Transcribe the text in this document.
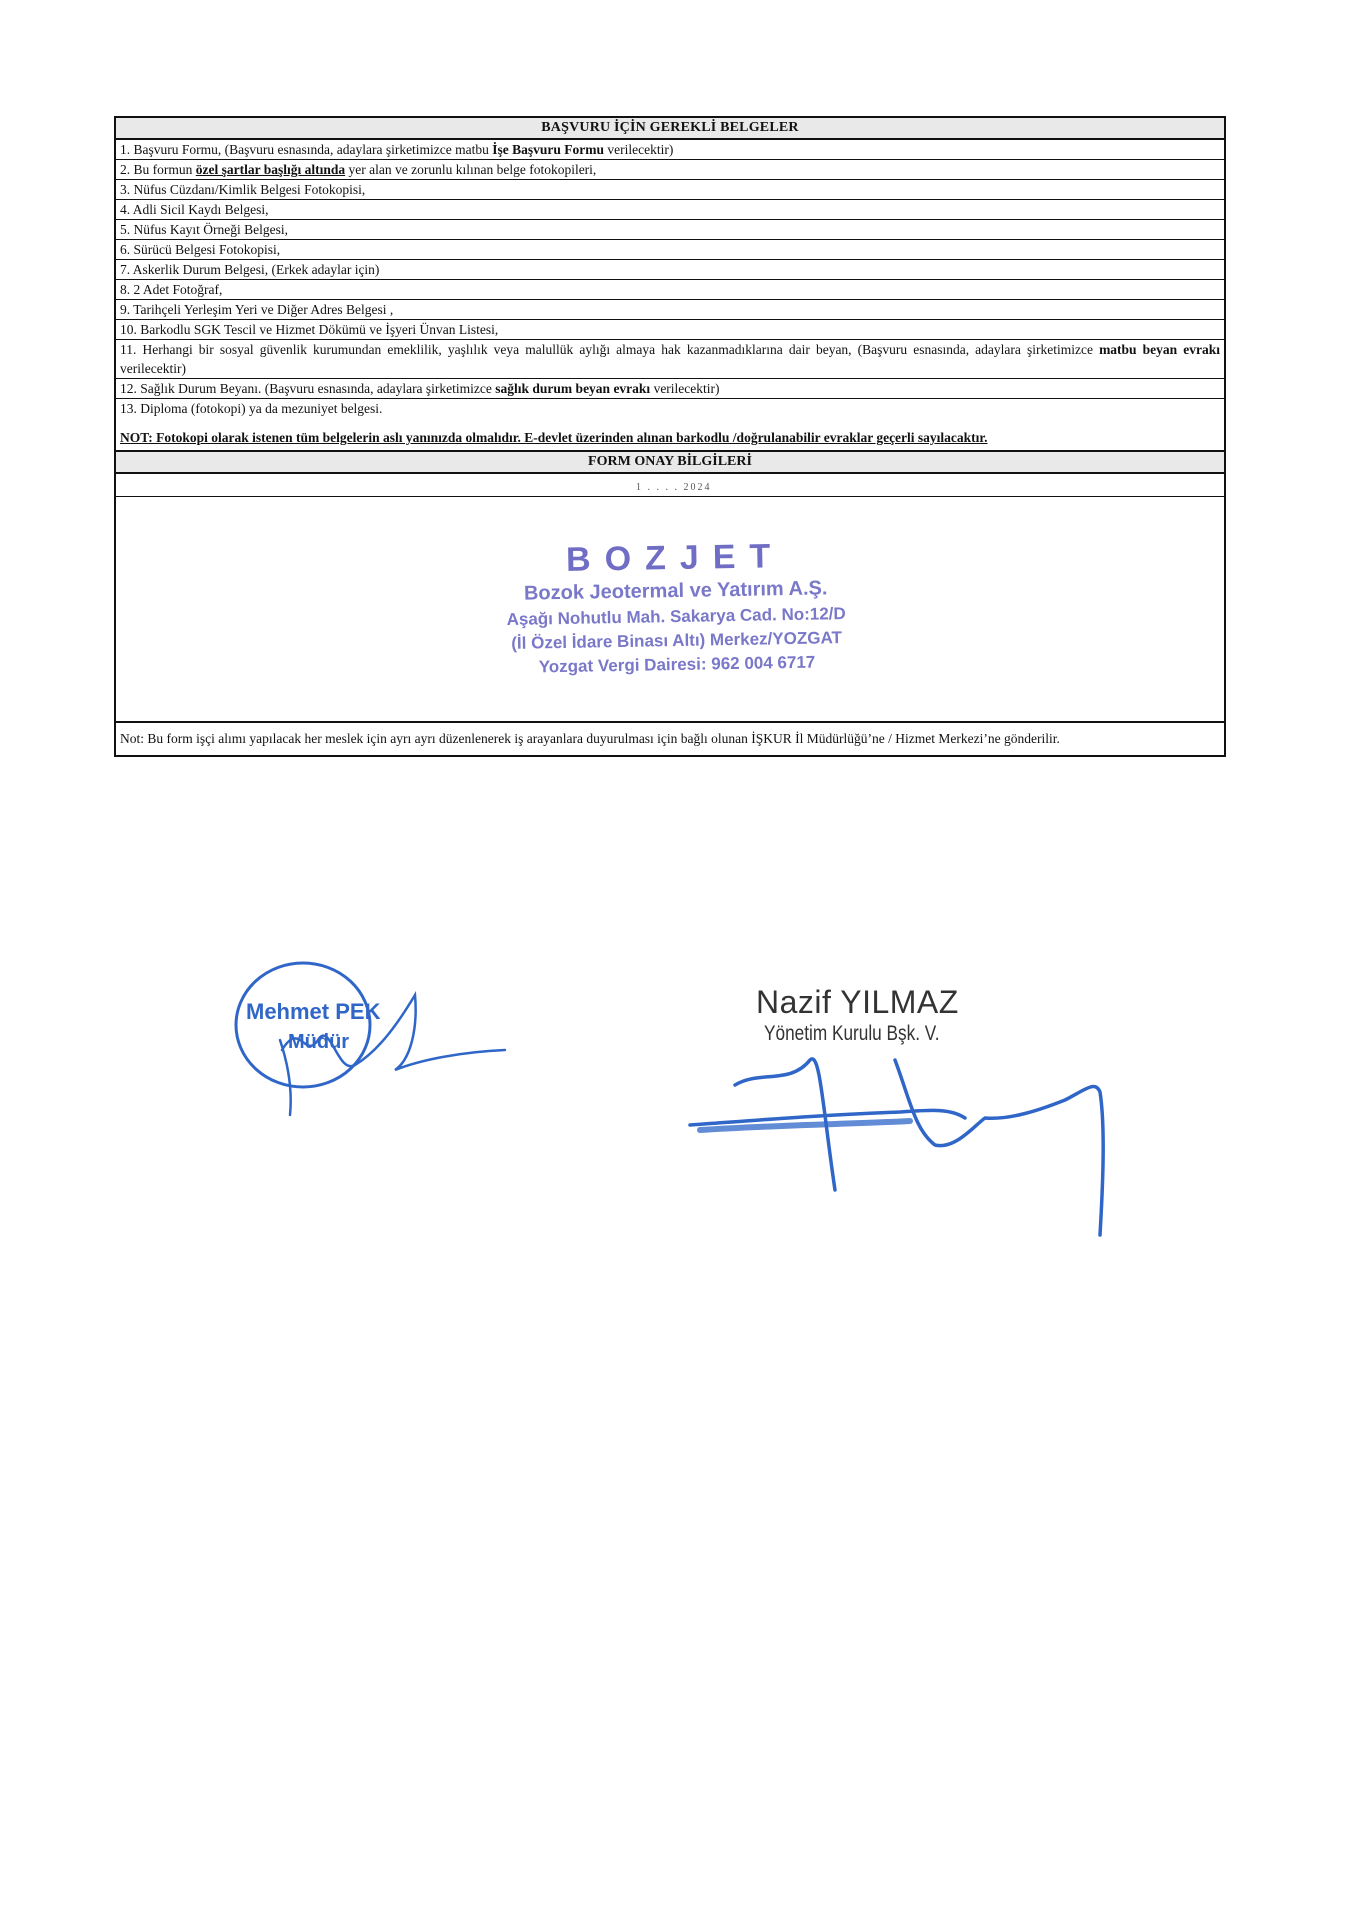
BAŞVURU İÇİN GEREKLİ BELGELER
1. Başvuru Formu, (Başvuru esnasında, adaylara şirketimizce matbu İşe Başvuru Formu verilecektir)
2. Bu formun özel şartlar başlığı altında yer alan ve zorunlu kılınan belge fotokopileri,
3. Nüfus Cüzdanı/Kimlik Belgesi Fotokopisi,
4. Adli Sicil Kaydı Belgesi,
5. Nüfus Kayıt Örneği Belgesi,
6. Sürücü Belgesi Fotokopisi,
7. Askerlik Durum Belgesi, (Erkek adaylar için)
8. 2 Adet Fotoğraf,
9. Tarihçeli Yerleşim Yeri ve Diğer Adres Belgesi ,
10. Barkodlu SGK Tescil ve Hizmet Dökümü ve İşyeri Ünvan Listesi,
11. Herhangi bir sosyal güvenlik kurumundan emeklilik, yaşlılık veya malullük aylığı almaya hak kazanmadıklarına dair beyan, (Başvuru esnasında, adaylara şirketimizce matbu beyan evrakı verilecektir)
12. Sağlık Durum Beyanı. (Başvuru esnasında, adaylara şirketimizce sağlık durum beyan evrakı verilecektir)
13. Diploma (fotokopi) ya da mezuniyet belgesi.
NOT: Fotokopi olarak istenen tüm belgelerin aslı yanınızda olmalıdır. E-devlet üzerinden alınan barkodlu /doğrulanabilir evraklar geçerli sayılacaktır.
FORM ONAY BİLGİLERİ
1 . . . . 2024
BOZJET
Bozok Jeotermal ve Yatırım A.Ş.
Aşağı Nohutlu Mah. Sakarya Cad. No:12/D
(İl Özel İdare Binası Altı) Merkez/YOZGAT
Yozgat Vergi Dairesi: 962 004 6717
Not: Bu form işçi alımı yapılacak her meslek için ayrı ayrı düzenlenerek iş arayanlara duyurulması için bağlı olunan İŞKUR İl Müdürlüğü’ne / Hizmet Merkezi’ne gönderilir.
Mehmet PEK
Müdür
Nazif YILMAZ
Yönetim Kurulu Bşk. V.
